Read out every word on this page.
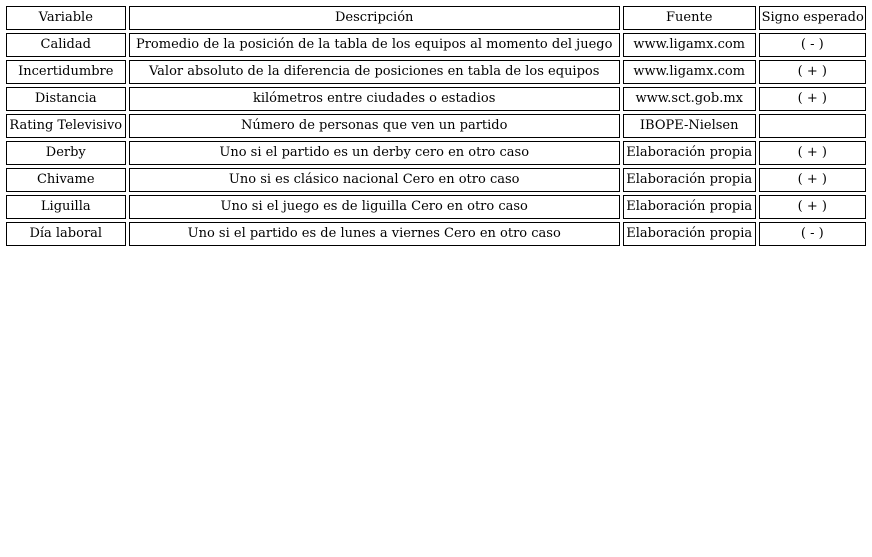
Variable	Descripción	Fuente	Signo esperado
Calidad	Promedio de la posición de la tabla de los equipos al momento del juego	www.ligamx.com	( - )
Incertidumbre	Valor absoluto de la diferencia de posiciones en tabla de los equipos	www.ligamx.com	( + )
Distancia	kilómetros entre ciudades o estadios	www.sct.gob.mx	( + )
Rating Televisivo	Número de personas que ven un partido	IBOPE-Nielsen	
Derby	Uno si el partido es un derby cero en otro caso	Elaboración propia	( + )
Chivame	Uno si es clásico nacional Cero en otro caso	Elaboración propia	( + )
Liguilla	Uno si el juego es de liguilla Cero en otro caso	Elaboración propia	( + )
Día laboral	Uno si el partido es de lunes a viernes Cero en otro caso	Elaboración propia	( - )
